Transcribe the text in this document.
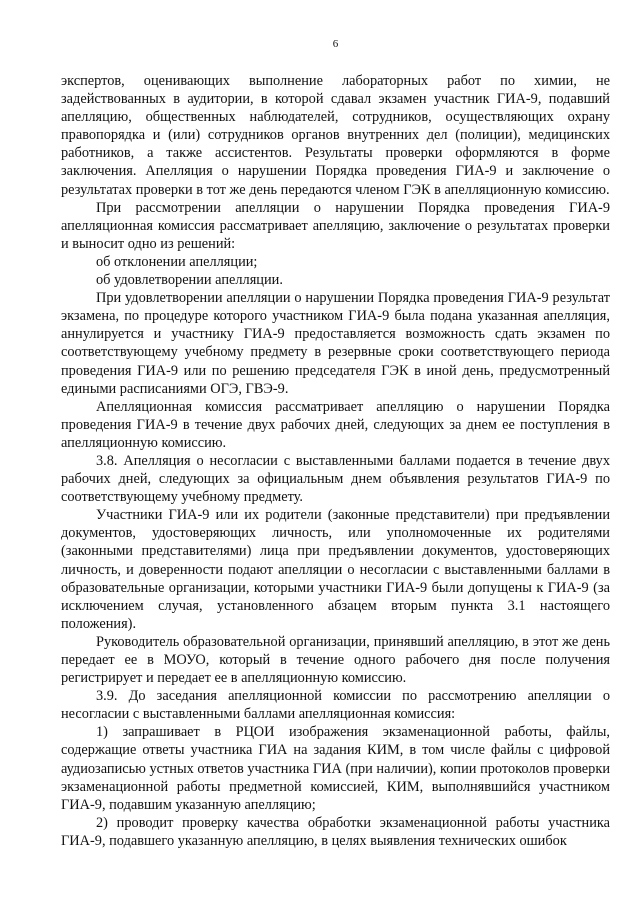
6

экспертов, оценивающих выполнение лабораторных работ по химии, не задействованных в аудитории, в которой сдавал экзамен участник ГИА-9, подавший апелляцию, общественных наблюдателей, сотрудников, осуществляющих охрану правопорядка и (или) сотрудников органов внутренних дел (полиции), медицинских работников, а также ассистентов. Результаты проверки оформляются в форме заключения. Апелляция о нарушении Порядка проведения ГИА-9 и заключение о результатах проверки в тот же день передаются членом ГЭК в апелляционную комиссию.

При рассмотрении апелляции о нарушении Порядка проведения ГИА-9 апелляционная комиссия рассматривает апелляцию, заключение о результатах проверки и выносит одно из решений:

об отклонении апелляции;

об удовлетворении апелляции.

При удовлетворении апелляции о нарушении Порядка проведения ГИА-9 результат экзамена, по процедуре которого участником ГИА-9 была подана указанная апелляция, аннулируется и участнику ГИА-9 предоставляется возможность сдать экзамен по соответствующему учебному предмету в резервные сроки соответствующего периода проведения ГИА-9 или по решению председателя ГЭК в иной день, предусмотренный едиными расписаниями ОГЭ, ГВЭ-9.

Апелляционная комиссия рассматривает апелляцию о нарушении Порядка проведения ГИА-9 в течение двух рабочих дней, следующих за днем ее поступления в апелляционную комиссию.

3.8. Апелляция о несогласии с выставленными баллами подается в течение двух рабочих дней, следующих за официальным днем объявления результатов ГИА-9 по соответствующему учебному предмету.

Участники ГИА-9 или их родители (законные представители) при предъявлении документов, удостоверяющих личность, или уполномоченные их родителями (законными представителями) лица при предъявлении документов, удостоверяющих личность, и доверенности подают апелляции о несогласии с выставленными баллами в образовательные организации, которыми участники ГИА-9 были допущены к ГИА-9 (за исключением случая, установленного абзацем вторым пункта 3.1 настоящего положения).

Руководитель образовательной организации, принявший апелляцию, в этот же день передает ее в МОУО, который в течение одного рабочего дня после получения регистрирует и передает ее в апелляционную комиссию.

3.9. До заседания апелляционной комиссии по рассмотрению апелляции о несогласии с выставленными баллами апелляционная комиссия:

1) запрашивает в РЦОИ изображения экзаменационной работы, файлы, содержащие ответы участника ГИА на задания КИМ, в том числе файлы с цифровой аудиозаписью устных ответов участника ГИА (при наличии), копии протоколов проверки экзаменационной работы предметной комиссией, КИМ, выполнявшийся участником ГИА-9, подавшим указанную апелляцию;

2) проводит проверку качества обработки экзаменационной работы участника ГИА-9, подавшего указанную апелляцию, в целях выявления технических ошибок
